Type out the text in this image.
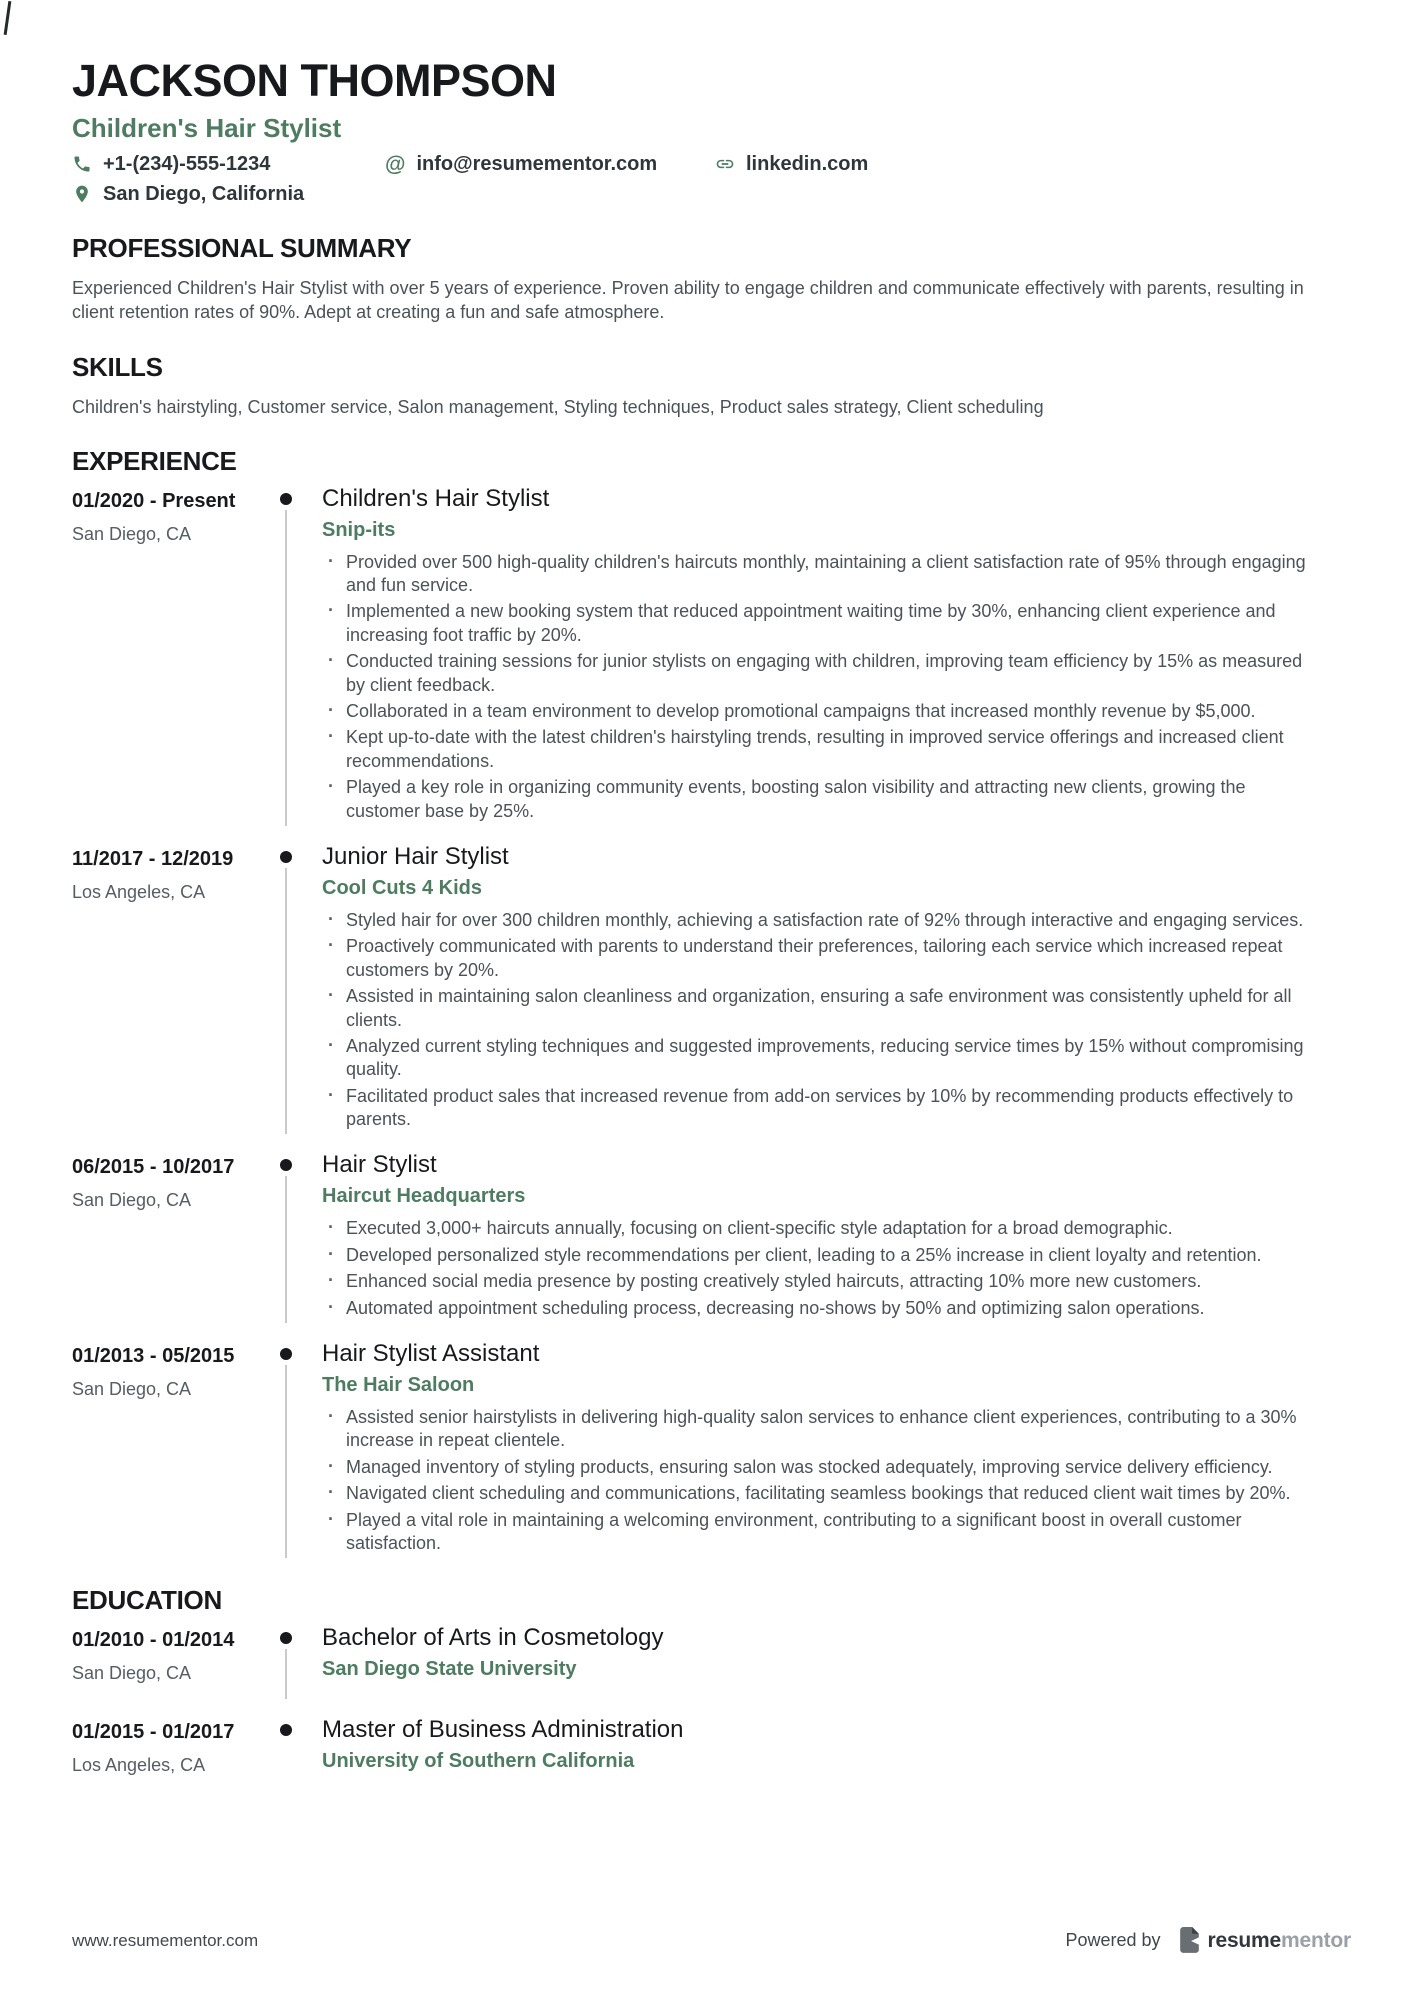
JACKSON THOMPSON
Children's Hair Stylist
+1-(234)-555-1234	@ info@resumementor.com	linkedin.com
San Diego, California
PROFESSIONAL SUMMARY
Experienced Children's Hair Stylist with over 5 years of experience. Proven ability to engage children and communicate effectively with parents, resulting in client retention rates of 90%. Adept at creating a fun and safe atmosphere.
SKILLS
Children's hairstyling, Customer service, Salon management, Styling techniques, Product sales strategy, Client scheduling
EXPERIENCE
01/2020 - Present
San Diego, CA
Children's Hair Stylist
Snip-its
· Provided over 500 high-quality children's haircuts monthly, maintaining a client satisfaction rate of 95% through engaging and fun service.
· Implemented a new booking system that reduced appointment waiting time by 30%, enhancing client experience and increasing foot traffic by 20%.
· Conducted training sessions for junior stylists on engaging with children, improving team efficiency by 15% as measured by client feedback.
· Collaborated in a team environment to develop promotional campaigns that increased monthly revenue by $5,000.
· Kept up-to-date with the latest children's hairstyling trends, resulting in improved service offerings and increased client recommendations.
· Played a key role in organizing community events, boosting salon visibility and attracting new clients, growing the customer base by 25%.
11/2017 - 12/2019
Los Angeles, CA
Junior Hair Stylist
Cool Cuts 4 Kids
· Styled hair for over 300 children monthly, achieving a satisfaction rate of 92% through interactive and engaging services.
· Proactively communicated with parents to understand their preferences, tailoring each service which increased repeat customers by 20%.
· Assisted in maintaining salon cleanliness and organization, ensuring a safe environment was consistently upheld for all clients.
· Analyzed current styling techniques and suggested improvements, reducing service times by 15% without compromising quality.
· Facilitated product sales that increased revenue from add-on services by 10% by recommending products effectively to parents.
06/2015 - 10/2017
San Diego, CA
Hair Stylist
Haircut Headquarters
· Executed 3,000+ haircuts annually, focusing on client-specific style adaptation for a broad demographic.
· Developed personalized style recommendations per client, leading to a 25% increase in client loyalty and retention.
· Enhanced social media presence by posting creatively styled haircuts, attracting 10% more new customers.
· Automated appointment scheduling process, decreasing no-shows by 50% and optimizing salon operations.
01/2013 - 05/2015
San Diego, CA
Hair Stylist Assistant
The Hair Saloon
· Assisted senior hairstylists in delivering high-quality salon services to enhance client experiences, contributing to a 30% increase in repeat clientele.
· Managed inventory of styling products, ensuring salon was stocked adequately, improving service delivery efficiency.
· Navigated client scheduling and communications, facilitating seamless bookings that reduced client wait times by 20%.
· Played a vital role in maintaining a welcoming environment, contributing to a significant boost in overall customer satisfaction.
EDUCATION
01/2010 - 01/2014
San Diego, CA
Bachelor of Arts in Cosmetology
San Diego State University
01/2015 - 01/2017
Los Angeles, CA
Master of Business Administration
University of Southern California
www.resumementor.com	Powered by resumementor
